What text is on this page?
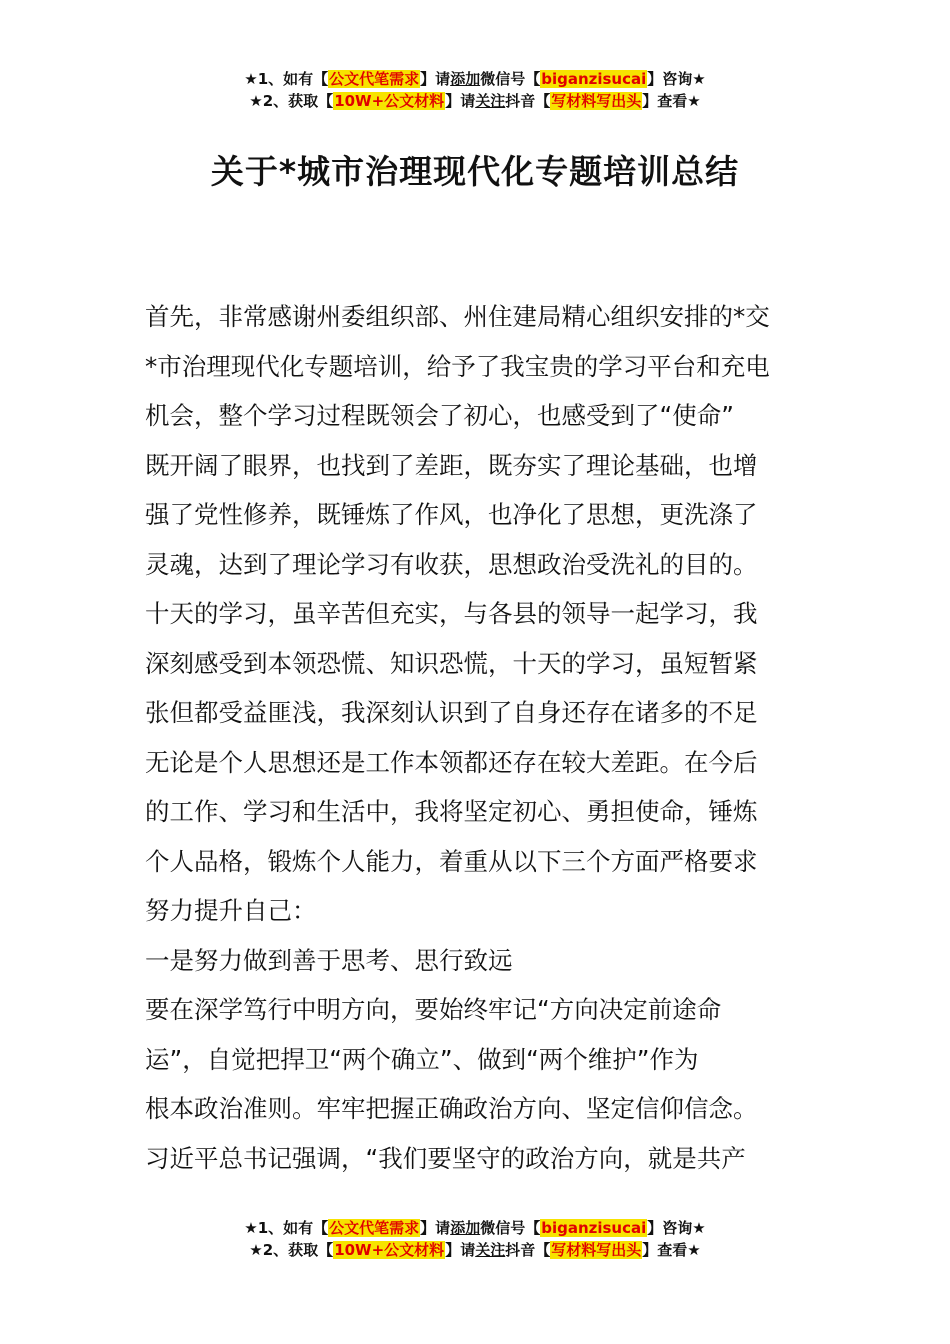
★1、如有【公文代笔需求】请添加微信号【biganzisucai】咨询★
★2、获取【10W+公文材料】请关注抖音【写材料写出头】查看★
关于*城市治理现代化专题培训总结
首先，非常感谢州委组织部、州住建局精心组织安排的*交
*市治理现代化专题培训，给予了我宝贵的学习平台和充电
机会，整个学习过程既领会了初心，也感受到了“使命”
既开阔了眼界，也找到了差距，既夯实了理论基础，也增
强了党性修养，既锤炼了作风，也净化了思想，更洗涤了
灵魂，达到了理论学习有收获，思想政治受洗礼的目的。
十天的学习，虽辛苦但充实，与各县的领导一起学习，我
深刻感受到本领恐慌、知识恐慌，十天的学习，虽短暂紧
张但都受益匪浅，我深刻认识到了自身还存在诸多的不足
无论是个人思想还是工作本领都还存在较大差距。在今后
的工作、学习和生活中，我将坚定初心、勇担使命，锤炼
个人品格，锻炼个人能力，着重从以下三个方面严格要求
努力提升自己：
一是努力做到善于思考、思行致远
要在深学笃行中明方向，要始终牢记“方向决定前途命
运”，自觉把捍卫“两个确立”、做到“两个维护”作为
根本政治准则。牢牢把握正确政治方向、坚定信仰信念。
习近平总书记强调，“我们要坚守的政治方向，就是共产
★1、如有【公文代笔需求】请添加微信号【biganzisucai】咨询★
★2、获取【10W+公文材料】请关注抖音【写材料写出头】查看★
